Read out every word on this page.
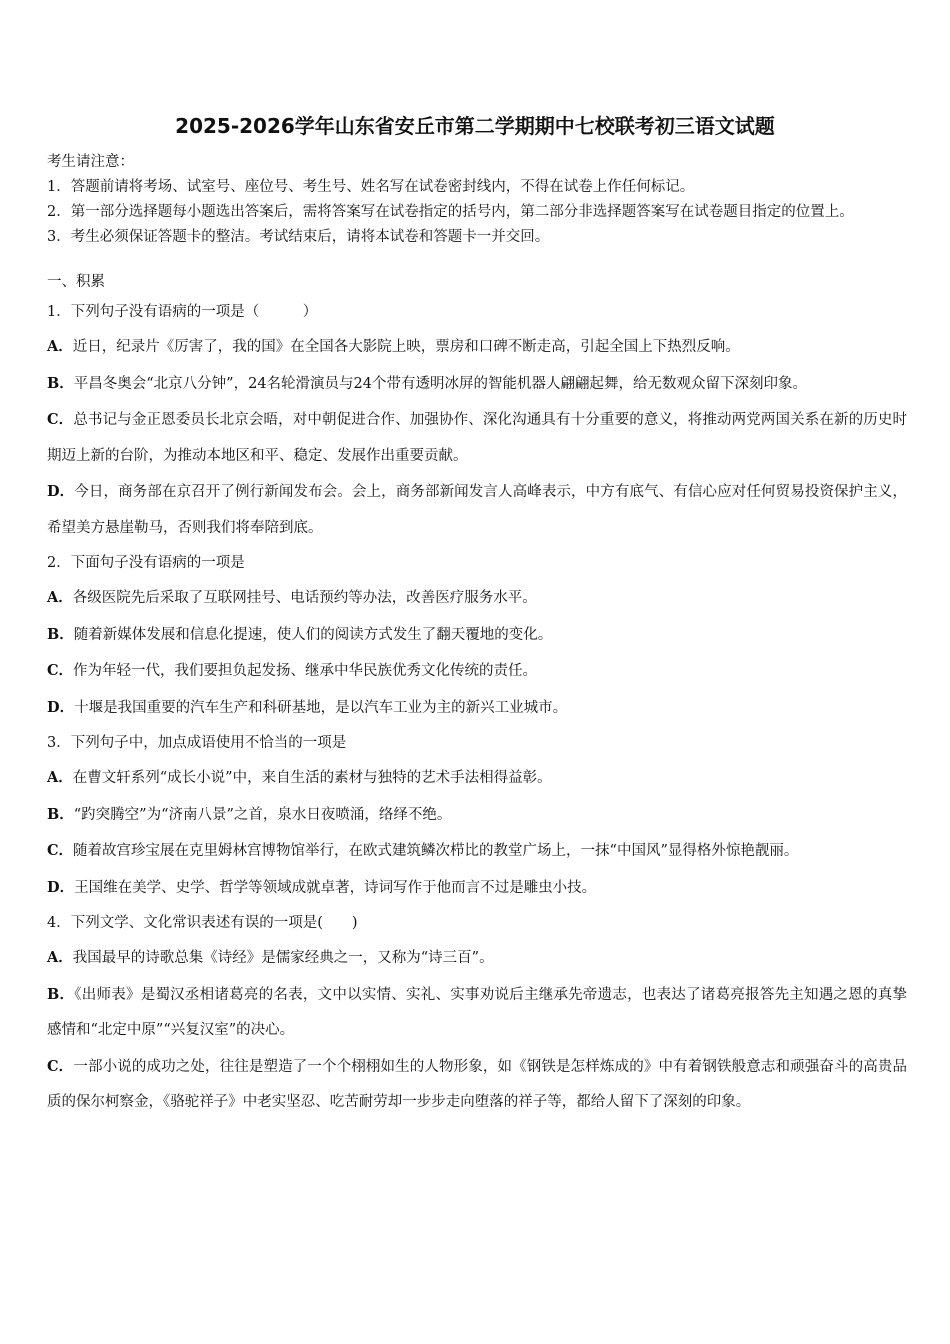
2025-2026学年山东省安丘市第二学期期中七校联考初三语文试题

考生请注意：

1．答题前请将考场、试室号、座位号、考生号、姓名写在试卷密封线内，不得在试卷上作任何标记。

2．第一部分选择题每小题选出答案后，需将答案写在试卷指定的括号内，第二部分非选择题答案写在试卷题目指定的位置上。

3．考生必须保证答题卡的整洁。考试结束后，请将本试卷和答题卡一并交回。

一、积累

1．下列句子没有语病的一项是（　　　）

A．近日，纪录片《厉害了，我的国》在全国各大影院上映，票房和口碑不断走高，引起全国上下热烈反响。

B．平昌冬奥会“北京八分钟”，24名轮滑演员与24个带有透明冰屏的智能机器人翩翩起舞，给无数观众留下深刻印象。

C．总书记与金正恩委员长北京会晤，对中朝促进合作、加强协作、深化沟通具有十分重要的意义，将推动两党两国关系在新的历史时期迈上新的台阶，为推动本地区和平、稳定、发展作出重要贡献。

D．今日，商务部在京召开了例行新闻发布会。会上，商务部新闻发言人高峰表示，中方有底气、有信心应对任何贸易投资保护主义，希望美方悬崖勒马，否则我们将奉陪到底。

2．下面句子没有语病的一项是

A．各级医院先后采取了互联网挂号、电话预约等办法，改善医疗服务水平。

B．随着新媒体发展和信息化提速，使人们的阅读方式发生了翻天覆地的变化。

C．作为年轻一代，我们要担负起发扬、继承中华民族优秀文化传统的责任。

D．十堰是我国重要的汽车生产和科研基地，是以汽车工业为主的新兴工业城市。

3．下列句子中，加点成语使用不恰当的一项是

A．在曹文轩系列“成长小说”中，来自生活的素材与独特的艺术手法相得益彰。

B．“趵突腾空”为“济南八景”之首，泉水日夜喷涌，络绎不绝。

C．随着故宫珍宝展在克里姆林宫博物馆举行，在欧式建筑鳞次栉比的教堂广场上，一抹“中国风”显得格外惊艳靓丽。

D．王国维在美学、史学、哲学等领域成就卓著，诗词写作于他而言不过是雕虫小技。

4．下列文学、文化常识表述有误的一项是(　　)

A．我国最早的诗歌总集《诗经》是儒家经典之一，又称为“诗三百”。

B．《出师表》是蜀汉丞相诸葛亮的名表，文中以实情、实礼、实事劝说后主继承先帝遗志，也表达了诸葛亮报答先主知遇之恩的真挚感情和“北定中原”“兴复汉室”的决心。

C．一部小说的成功之处，往往是塑造了一个个栩栩如生的人物形象，如《钢铁是怎样炼成的》中有着钢铁般意志和顽强奋斗的高贵品质的保尔柯察金，《骆驼祥子》中老实坚忍、吃苦耐劳却一步步走向堕落的祥子等，都给人留下了深刻的印象。
